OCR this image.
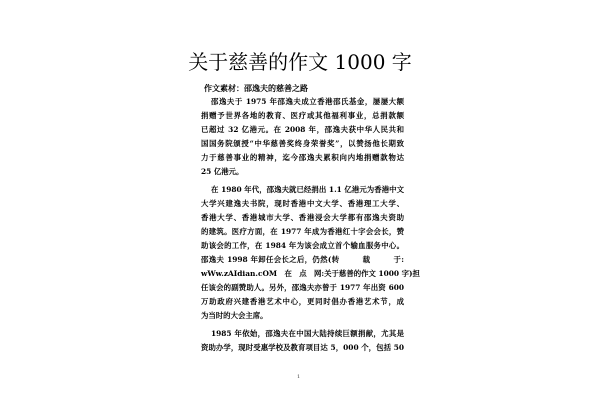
关于慈善的作文 1000 字
作文素材：邵逸夫的慈善之路
邵逸夫于 1975 年邵逸夫成立香港邵氏基金，屡屡大额
捐赠予世界各地的教育、医疗或其他福利事业，总捐款额
已超过 32 亿港元。在 2008 年，邵逸夫获中华人民共和
国国务院颁授“中华慈善奖终身荣誉奖”，以赞扬他长期致
力于慈善事业的精神，迄今邵逸夫累积向内地捐赠款物达
25 亿港元。
在 1980 年代，邵逸夫就已经捐出 1.1 亿港元为香港中文
大学兴建逸夫书院，现时香港中文大学、香港理工大学、
香港大学、香港城市大学、香港浸会大学都有邵逸夫资助
的建筑。医疗方面，在 1977 年成为香港红十字会会长，赞
助该会的工作，在 1984 年为该会成立首个输血服务中心。
邵逸夫 1998 年卸任会长之后，仍然(转　　　载　　　于:
wWw.zAIdian.cOM　在　点　网:关于慈善的作文 1000 字)担
任该会的副赞助人。另外，邵逸夫亦曾于 1977 年出资 600
万助政府兴建香港艺术中心，更同时倡办香港艺术节，成
为当时的大会主席。
1985 年依始，邵逸夫在中国大陆持续巨额捐献，尤其是
资助办学，现时受惠学校及教育项目达 5，000 个，包括 50
1
